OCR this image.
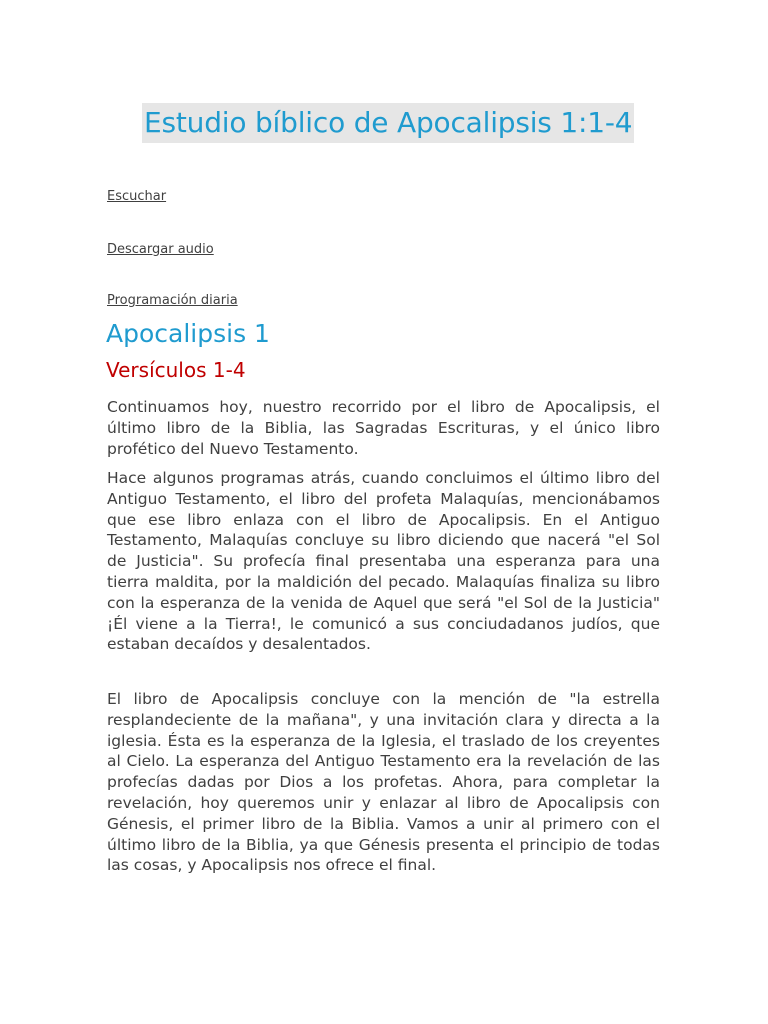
Estudio bíblico de Apocalipsis 1:1-4
Escuchar
Descargar audio
Programación diaria
Apocalipsis 1
Versículos 1-4

Continuamos hoy, nuestro recorrido por el libro de Apocalipsis, el último libro de la Biblia, las Sagradas Escrituras, y el único libro profético del Nuevo Testamento.

Hace algunos programas atrás, cuando concluimos el último libro del Antiguo Testamento, el libro del profeta Malaquías, mencionábamos que ese libro enlaza con el libro de Apocalipsis. En el Antiguo Testamento, Malaquías concluye su libro diciendo que nacerá "el Sol de Justicia". Su profecía final presentaba una esperanza para una tierra maldita, por la maldición del pecado. Malaquías finaliza su libro con la esperanza de la venida de Aquel que será "el Sol de la Justicia" ¡Él viene a la Tierra!, le comunicó a sus conciudadanos judíos, que estaban decaídos y desalentados.

El libro de Apocalipsis concluye con la mención de "la estrella resplandeciente de la mañana", y una invitación clara y directa a la iglesia. Ésta es la esperanza de la Iglesia, el traslado de los creyentes al Cielo. La esperanza del Antiguo Testamento era la revelación de las profecías dadas por Dios a los profetas. Ahora, para completar la revelación, hoy queremos unir y enlazar al libro de Apocalipsis con Génesis, el primer libro de la Biblia. Vamos a unir al primero con el último libro de la Biblia, ya que Génesis presenta el principio de todas las cosas, y Apocalipsis nos ofrece el final.
